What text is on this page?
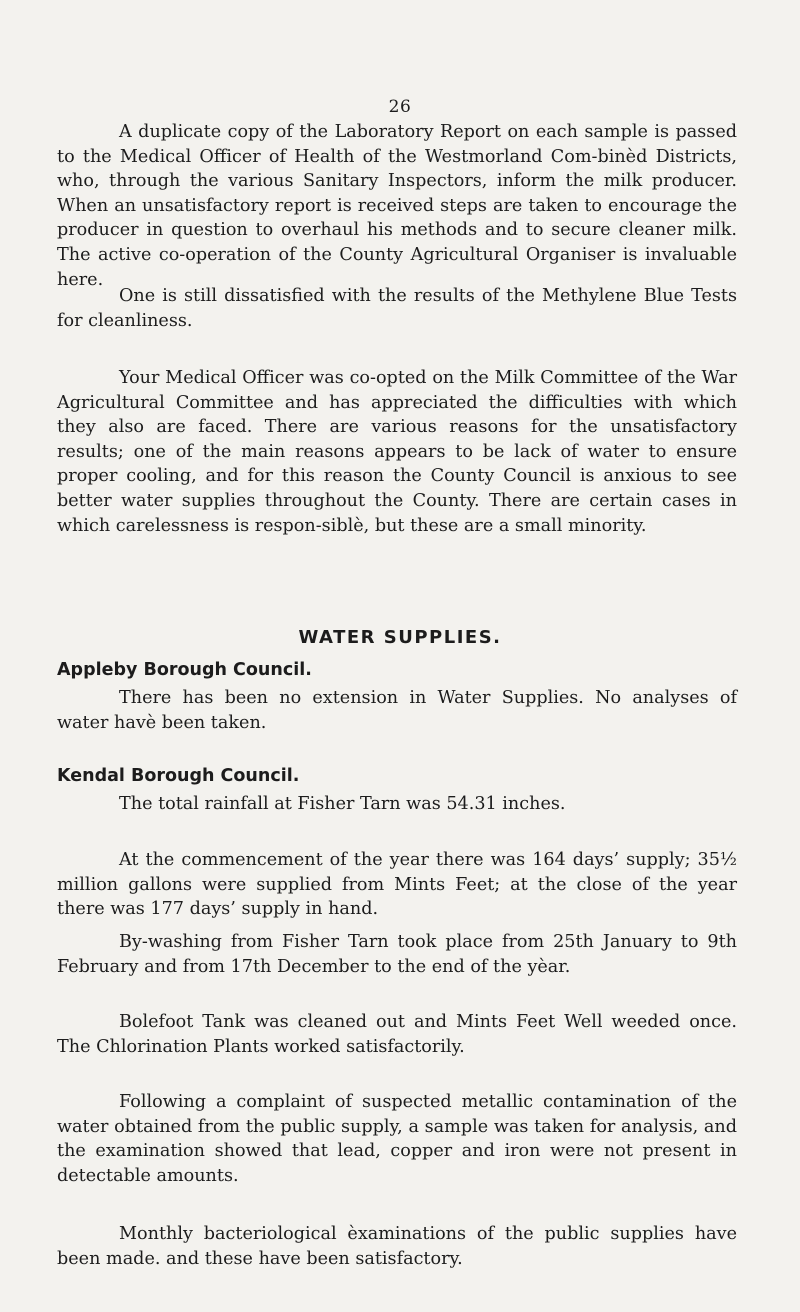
26

A duplicate copy of the Laboratory Report on each sample is passed to the Medical Officer of Health of the Westmorland Com-binèd Districts, who, through the various Sanitary Inspectors, inform the milk producer. When an unsatisfactory report is received steps are taken to encourage the producer in question to overhaul his methods and to secure cleaner milk. The active co-operation of the County Agricultural Organiser is invaluable here.

One is still dissatisfied with the results of the Methylene Blue Tests for cleanliness.

Your Medical Officer was co-opted on the Milk Committee of the War Agricultural Committee and has appreciated the difficulties with which they also are faced. There are various reasons for the unsatisfactory results; one of the main reasons appears to be lack of water to ensure proper cooling, and for this reason the County Council is anxious to see better water supplies throughout the County. There are certain cases in which carelessness is respon-siblè, but these are a small minority.

WATER SUPPLIES.
Appleby Borough Council.

There has been no extension in Water Supplies. No analyses of water havè been taken.

Kendal Borough Council.

The total rainfall at Fisher Tarn was 54.31 inches.

At the commencement of the year there was 164 days’ supply; 35½ million gallons were supplied from Mints Feet; at the close of the year there was 177 days’ supply in hand.

By-washing from Fisher Tarn took place from 25th January to 9th February and from 17th December to the end of the yèar.

Bolefoot Tank was cleaned out and Mints Feet Well weeded once. The Chlorination Plants worked satisfactorily.

Following a complaint of suspected metallic contamination of the water obtained from the public supply, a sample was taken for analysis, and the examination showed that lead, copper and iron were not present in detectable amounts.

Monthly bacteriological èxaminations of the public supplies have been made. and these have been satisfactory.
